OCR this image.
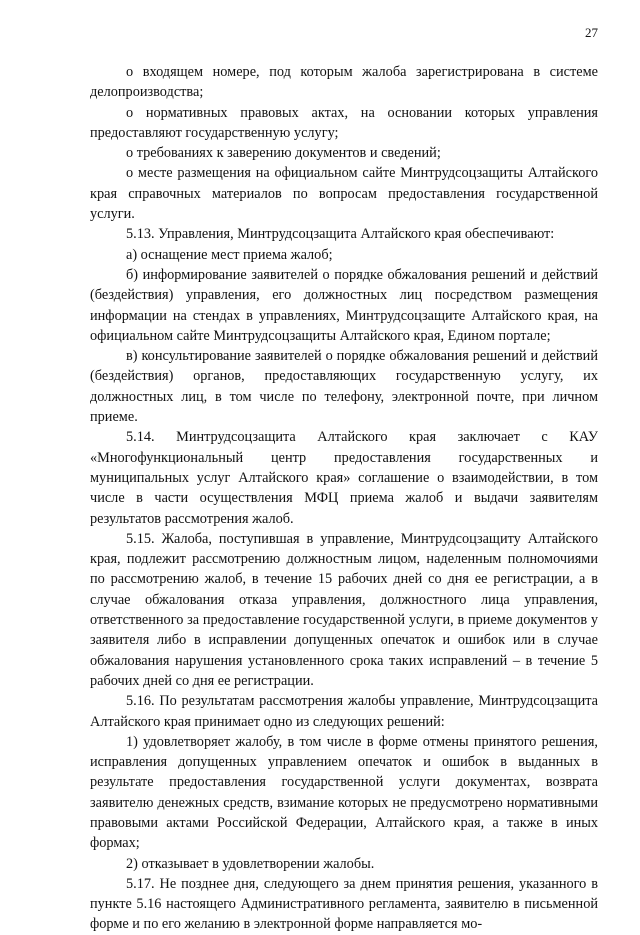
27

о входящем номере, под которым жалоба зарегистрирована в системе делопроизводства;

о нормативных правовых актах, на основании которых управления предоставляют государственную услугу;

о требованиях к заверению документов и сведений;

о месте размещения на официальном сайте Минтрудсоцзащиты Алтайского края справочных материалов по вопросам предоставления государственной услуги.

5.13. Управления, Минтрудсоцзащита Алтайского края обеспечивают:

а) оснащение мест приема жалоб;

б) информирование заявителей о порядке обжалования решений и действий (бездействия) управления, его должностных лиц посредством размещения информации на стендах в управлениях, Минтрудсоцзащите Алтайского края, на официальном сайте Минтрудсоцзащиты Алтайского края, Едином портале;

в) консультирование заявителей о порядке обжалования решений и действий (бездействия) органов, предоставляющих государственную услугу, их должностных лиц, в том числе по телефону, электронной почте, при личном приеме.

5.14. Минтрудсоцзащита Алтайского края заключает с КАУ «Многофункциональный центр предоставления государственных и муниципальных услуг Алтайского края» соглашение о взаимодействии, в том числе в части осуществления МФЦ приема жалоб и выдачи заявителям результатов рассмотрения жалоб.

5.15. Жалоба, поступившая в управление, Минтрудсоцзащиту Алтайского края, подлежит рассмотрению должностным лицом, наделенным полномочиями по рассмотрению жалоб, в течение 15 рабочих дней со дня ее регистрации, а в случае обжалования отказа управления, должностного лица управления, ответственного за предоставление государственной услуги, в приеме документов у заявителя либо в исправлении допущенных опечаток и ошибок или в случае обжалования нарушения установленного срока таких исправлений – в течение 5 рабочих дней со дня ее регистрации.

5.16. По результатам рассмотрения жалобы управление, Минтрудсоцзащита Алтайского края принимает одно из следующих решений:

1) удовлетворяет жалобу, в том числе в форме отмены принятого решения, исправления допущенных управлением опечаток и ошибок в выданных в результате предоставления государственной услуги документах, возврата заявителю денежных средств, взимание которых не предусмотрено нормативными правовыми актами Российской Федерации, Алтайского края, а также в иных формах;

2) отказывает в удовлетворении жалобы.

5.17. Не позднее дня, следующего за днем принятия решения, указанного в пункте 5.16 настоящего Административного регламента, заявителю в письменной форме и по его желанию в электронной форме направляется мо-
